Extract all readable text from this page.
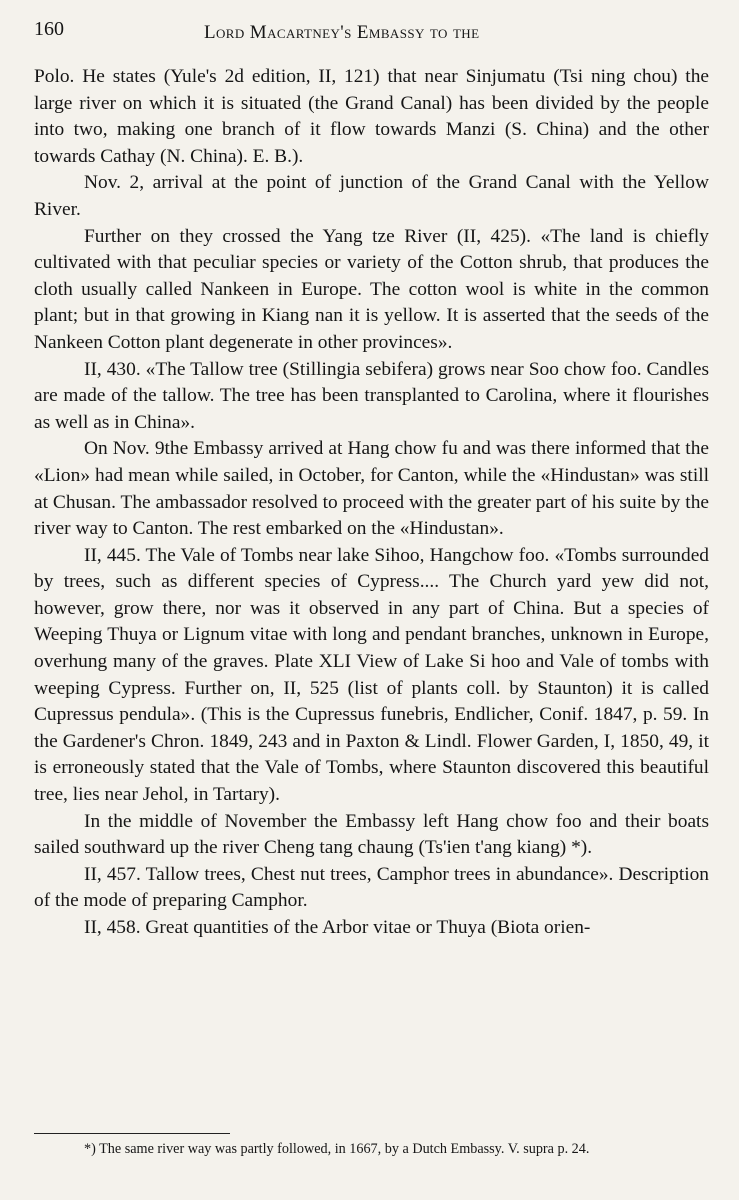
160	Lord Macartney's Embassy to the

Polo. He states (Yule's 2d edition, II, 121) that near Sinjumatu (Tsi ning chou) the large river on which it is situated (the Grand Canal) has been divided by the people into two, making one branch of it flow towards Manzi (S. China) and the other towards Cathay (N. China). E. B.).

Nov. 2, arrival at the point of junction of the Grand Canal with the Yellow River.

Further on they crossed the Yang tze River (II, 425). «The land is chiefly cultivated with that peculiar species or variety of the Cotton shrub, that produces the cloth usually called Nankeen in Europe. The cotton wool is white in the common plant; but in that growing in Kiang nan it is yellow. It is asserted that the seeds of the Nankeen Cotton plant degenerate in other provinces».

II, 430. «The Tallow tree (Stillingia sebifera) grows near Soo chow foo. Candles are made of the tallow. The tree has been transplanted to Carolina, where it flourishes as well as in China».

On Nov. 9the Embassy arrived at Hang chow fu and was there informed that the «Lion» had mean while sailed, in October, for Canton, while the «Hindustan» was still at Chusan. The ambassador resolved to proceed with the greater part of his suite by the river way to Canton. The rest embarked on the «Hindustan».

II, 445. The Vale of Tombs near lake Sihoo, Hangchow foo. «Tombs surrounded by trees, such as different species of Cypress.... The Church yard yew did not, however, grow there, nor was it observed in any part of China. But a species of Weeping Thuya or Lignum vitae with long and pendant branches, unknown in Europe, overhung many of the graves. Plate XLI View of Lake Si hoo and Vale of tombs with weeping Cypress. Further on, II, 525 (list of plants coll. by Staunton) it is called Cupressus pendula». (This is the Cupressus funebris, Endlicher, Conif. 1847, p. 59. In the Gardener's Chron. 1849, 243 and in Paxton & Lindl. Flower Garden, I, 1850, 49, it is erroneously stated that the Vale of Tombs, where Staunton discovered this beautiful tree, lies near Jehol, in Tartary).

In the middle of November the Embassy left Hang chow foo and their boats sailed southward up the river Cheng tang chaung (Ts'ien t'ang kiang) *).

II, 457. Tallow trees, Chest nut trees, Camphor trees in abundance». Description of the mode of preparing Camphor.

II, 458. Great quantities of the Arbor vitae or Thuya (Biota orien-

*) The same river way was partly followed, in 1667, by a Dutch Embassy. V. supra p. 24.
